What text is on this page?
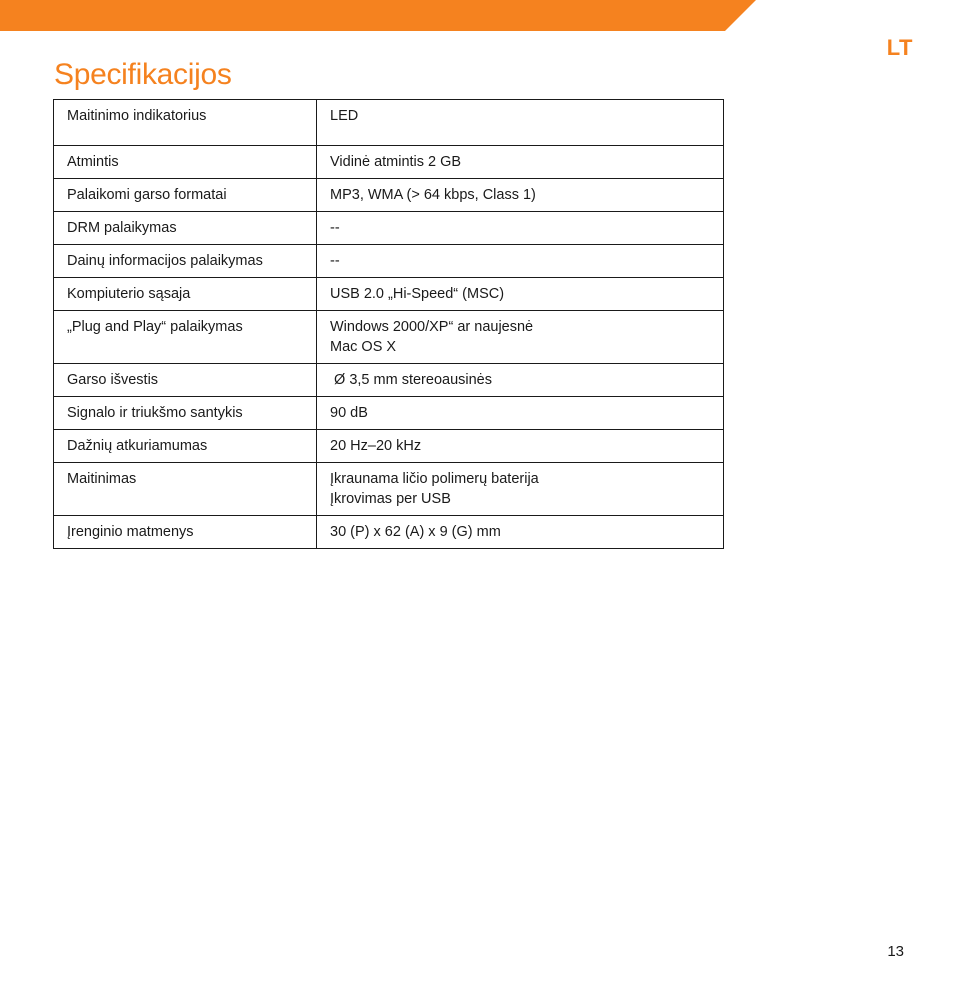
LT
Specifikacijos
Maitinimo indikatorius	LED

Atmintis	Vidinė atmintis 2 GB

Palaikomi garso formatai	MP3, WMA (> 64 kbps, Class 1)

DRM palaikymas	--

Dainų informacijos palaikymas	--

Kompiuterio sąsaja	USB 2.0 „Hi-Speed“ (MSC)

„Plug and Play“ palaikymas	Windows 2000/XP“ ar naujesnė
Mac OS X

Garso išvestis	Ø 3,5 mm stereoausinės

Signalo ir triukšmo santykis	90 dB

Dažnių atkuriamumas	20 Hz–20 kHz

Maitinimas	Įkraunama ličio polimerų baterija
Įkrovimas per USB

Įrenginio matmenys	30 (P) x 62 (A) x 9 (G) mm
13
